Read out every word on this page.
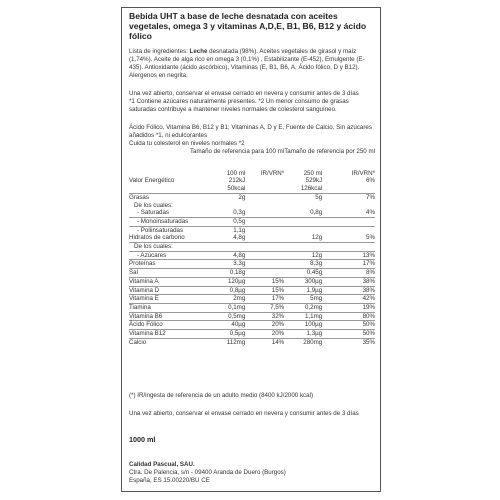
Bebida UHT a base de leche desnatada con aceites vegetales, omega 3 y vitaminas A,D,E, B1, B6, B12 y ácido fólico

Lista de ingredientes: Leche desnatada (98%). Aceites vegetales de girasol y maíz (1,74%). Aceite de alga rico en omega 3 (0,1%) , Estabilizante (E-452), Emulgente (E-435). Antioxidante (ácido ascórbico), Vitaminas (E, B1, B6, A, Ácido fólico, D y B12). Alergenos en negrita.

Una vez abierto, conservar el envase cerrado en nevera y consumir antes de 3 días

*1 Contiene azúcares naturalmente presentes. *2 Un menor consumo de grasas saturadas contribuye a mantener niveles normales de colesterol sanguíneo.

Ácido Fólico, Vitamina B6, B12 y B1; Vitaminas A, D y E, Fuente de Calcio, Sin azúcares añadidos *1, ni edulcorantes

Cuida tu colesterol en niveles normales *2

	Tamaño de referencia para 100 ml		Tamaño de referencia por 250 ml	

	100 ml	IR/VRN*	250 ml	IR/VRN*
Valor Energético	212kJ		529kJ	6%
	50kcal		126kcal	
Grasas	2g		5g	7%
De los cuales:				
- Saturadas	0,3g		0,8g	4%
- Monoinsaturadas	0,5g			
- Poliinsaturadas	1,1g			
Hidratos de carbono	4,8g		12g	5%
De los cuales:				
- Azúcares	4,8g		12g	13%
Proteínas	3,3g		8,3g	17%
Sal	0,18g		0,45g	8%
Vitamina A	120µg	15%	300µg	38%
Vitamina D	0,8µg	15%	1,9µg	38%
Vitamina E	2mg	17%	5mg	42%
Tiamina	0,1mg	7,5%	0,2mg	19%
Vitamina B6	0,5mg	32%	1,1mg	80%
Ácido Fólico	40µg	20%	100µg	50%
Vitamina B12	0,5µg	20%	1,3µg	50%
Calcio	112mg	14%	280mg	35%

(*) IR/ingesta de referencia de un adulto medio (8400 kJ/2000 kcal)

Una vez abierto, conservar el envase cerrado en nevera y consumir antes de 3 días

1000 ml

Calidad Pascual, SAU.

Ctra. De Palencia, s/n - 09400 Aranda de Duero (Burgos)

España, ES 15.00220/BU CE
